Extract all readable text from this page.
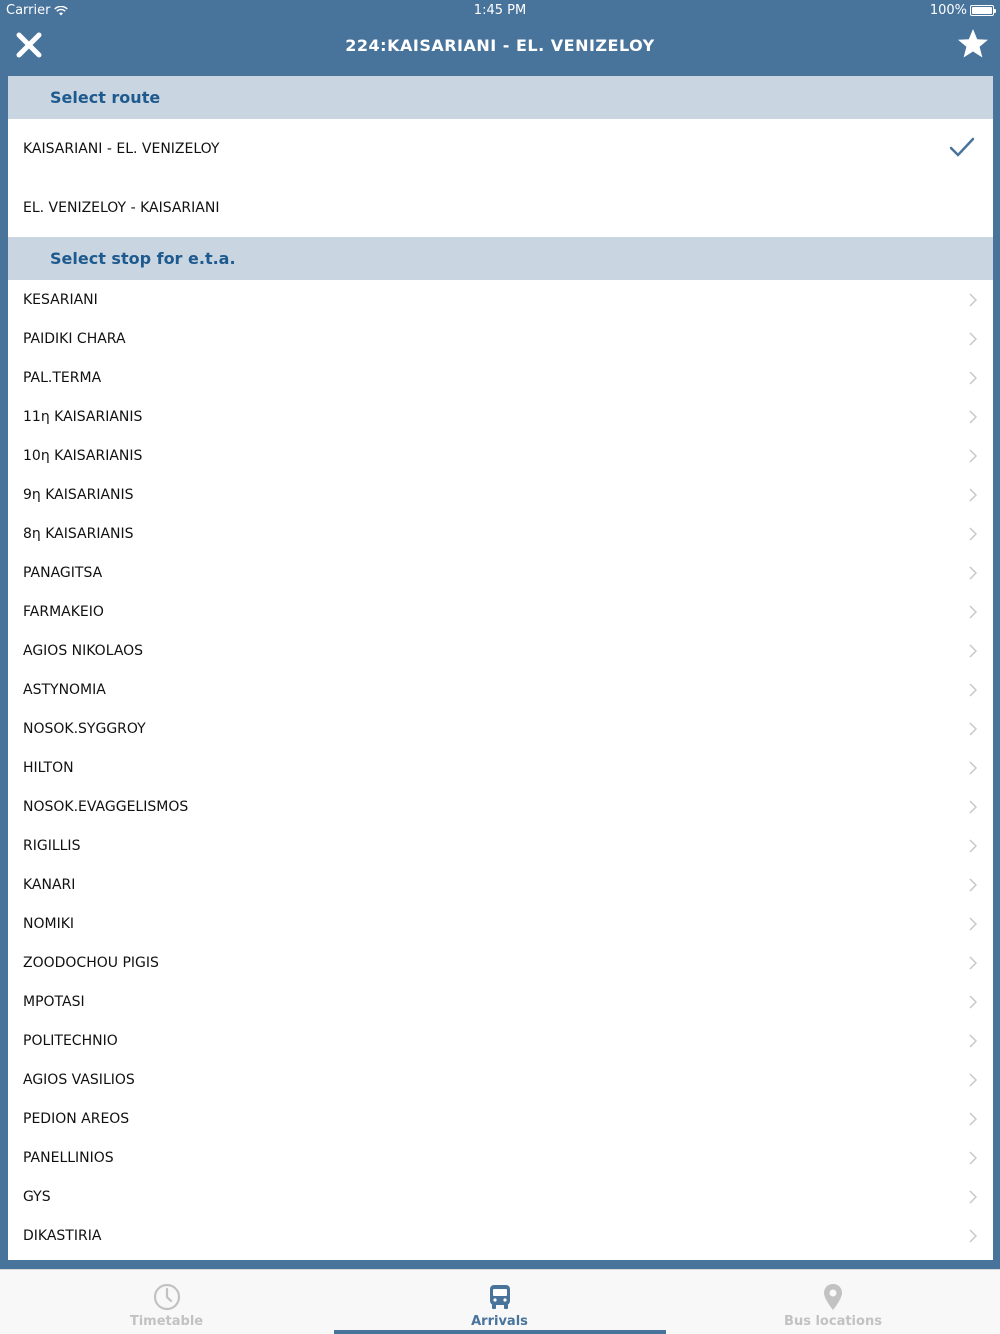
Carrier	1:45 PM	100%
224:KAISARIANI - EL. VENIZELOY
Select route
KAISARIANI - EL. VENIZELOY
EL. VENIZELOY - KAISARIANI
Select stop for e.t.a.
KESARIANI
PAIDIKI CHARA
PAL.TERMA
11η KAISARIANIS
10η KAISARIANIS
9η KAISARIANIS
8η KAISARIANIS
PANAGITSA
FARMAKEIO
AGIOS NIKOLAOS
ASTYNOMIA
NOSOK.SYGGROY
HILTON
NOSOK.EVAGGELISMOS
RIGILLIS
KANARI
NOMIKI
ZOODOCHOU PIGIS
MPOTASI
POLITECHNIO
AGIOS VASILIOS
PEDION AREOS
PANELLINIOS
GYS
DIKASTIRIA
Timetable	Arrivals	Bus locations
